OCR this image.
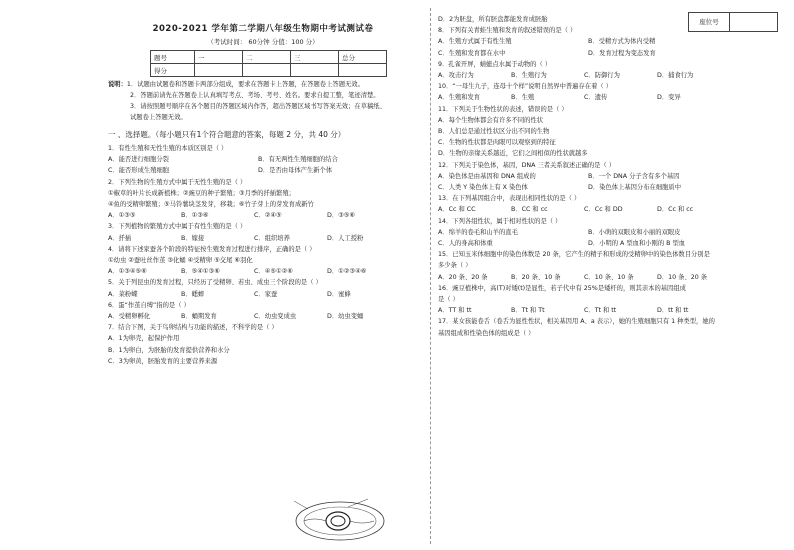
2020-2021 学年第二学期八年级生物期中考试测试卷
（考试时间： 60分钟 分值：100 分）
题号	一	二	三	总分
得分				
说明：1．试题由试题卷和答题卡两部分组成，要求在答题卡上答题，在答题卷上答题无效。
2．答题前请先在答题卷上认真填写考点、考场、考号、姓名。要求自提工整，笔迹清楚。
3．请按照题号顺序在各个题目的答题区域内作答，超出答题区域书写答案无效；在草稿纸、
试题卷上答题无效。
一 、选择题。（每小题只有1个符合题意的答案，每题 2 分，共 40 分）
1．有性生殖和无性生殖的本质区别是（ ）
A．能否进行细胞分裂	B．有无两性生殖细胞的结合
C．能否形成生殖细胞	D．是否由母体产生新个体
2．下列生物的生殖方式中属于无性生殖的是（ ）
①椒草的叶片长成新植株；②豌豆的种子繁殖；③月季的扦插繁殖；
④鱼的受精卵繁殖；⑤马铃薯块茎发芽，移栽；⑥竹子芽上的芽发育成新竹
A．①③⑤	B．①③⑥	C．②④⑤	D．③⑤⑥
3．下列植物的繁殖方式中属于有性生殖的是（ ）
A．扦插	B．嫁接	C．组织培养	D．人工授粉
4．请将下述家蚕各个阶段的特征按生殖发育过程进行排序，正确的是（ ）
①幼虫 ②蚕吐丝作茧 ③化蛹 ④受精卵 ⑤交尾 ⑥羽化
A．①③④⑤⑥	B．⑤④①③⑥	C．④⑤①②⑥	D．①②③④⑥
5．关于列昆虫的发育过程，只经历了受精卵、若虫、成虫三个阶段的是（ ）
A．菜粉蝶	B．蟋蟀	C．家蚕	D．蜜蜂
6．蛋“作茧自缚”指的是（ ）
A．受精卵孵化	B．蛹期发育	C．幼虫变成虫	D．幼虫变蛹
7．结合下图，关于鸟卵结构与功能的描述，不科学的是（ ）
A．1为卵壳，起保护作用
B．1为卵白，为胚胎的发育提供营养和水分
C．3为卵黄，胚胎发育的主要营养来源
座位号
D．2为胚盘，所有胚盘都能发育成胚胎
8．下列有关青蛙生殖和发育的叙述错误的是（ ）
A．生殖方式属于有性生殖	B．受精方式为体内受精
C．生殖和发育都在水中	D．发育过程为变态发育
9．孔雀开屏，蜻蜓点水属于动物的（ ）
A．攻击行为	B．生殖行为	C．防御行为	D．捕食行为
10．“一母生九子，连母十个样”说明自然界中普遍存在着（ ）
A．生殖和发育	B．生殖	C．遗传	D．变异
11．下列关于生物性状的表述，错误的是（ ）
A．每个生物体都会有许多不同的性状
B．人们总是通过性状区分出不同的生物
C．生物的性状都是肉眼可以观察到的特征
D．生物的亲缘关系越近，它们之间相似的性状就越多
12．下列关于染色体，基因，DNA 三者关系叙述正确的是（ ）
A．染色体是由基因和 DNA 组成的	B．一个 DNA 分子含有多个基因
C．人类 Y 染色体上有 X 染色体	D．染色体上基因分布在细胞质中
13．在下列基因组合中，表现出相同性状的是（ ）
A．Cc 和 CC	B．CC 和 cc	C．Cc 和 DD	D．Cc 和 cc
14．下列各组性状，属于相对性状的是（ ）
A．绵羊的卷毛和山羊的直毛	B．小萌的双眼皮和小丽的双眼皮
C．人的身高和体重	D．小明的 A 型血和小刚的 B 型血
15．已知玉米体细胞中的染色体数是 20 条，它产生的精子和形成的受精卵中的染色体数目分别是
多少条（ ）
A．20 条、20 条	B．20 条、10 条	C．10 条、10 条	D．10 条、20 条
16．豌豆植株中，高(T)对矮(t)是显性，若子代中有 25%是矮杆的，则其亲本的基因组成
是（ ）
A．TT 和 tt	B．Tt 和 Tt	C．Tt 和 tt	D．tt 和 tt
17．某女孩能卷舌（卷舌为显性性状，相关基因用 A、a 表示），她的生殖细胞只有 1 种类型，她的
基因组成和性染色体的组成是（ ）
